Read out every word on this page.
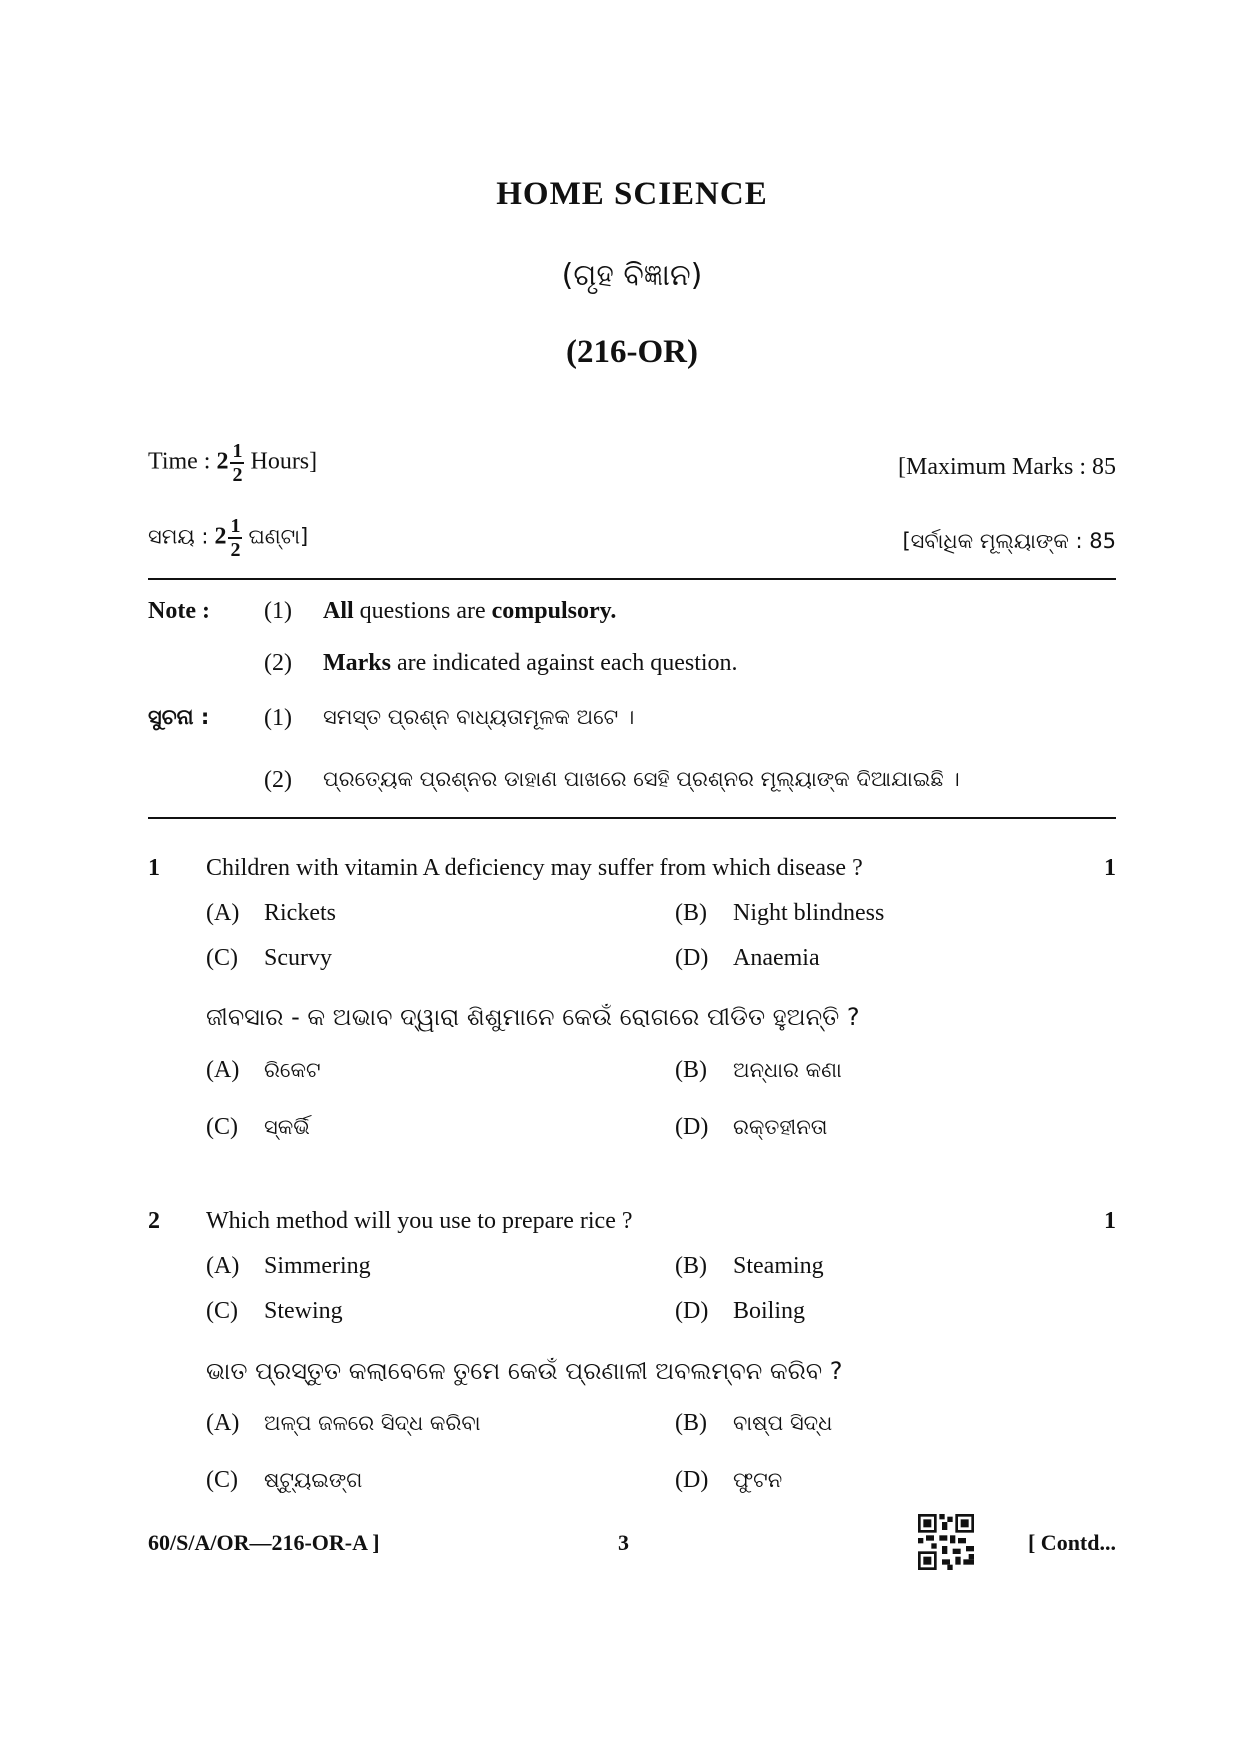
HOME SCIENCE
(ଗୃହ ବିଜ୍ଞାନ)
(216-OR)
Time : $2 \frac{1}{2}$ Hours]	[Maximum Marks : 85
ସମୟ : $2 \frac{1}{2}$ ଘଣ୍ଟା]	[ସର୍ବାଧିକ ମୂଲ୍ୟାଙ୍କ : 85
Note : (1) All questions are compulsory.
(2) Marks are indicated against each question.
ସୁଚନା : (1) ସମସ୍ତ ପ୍ରଶ୍ନ ବାଧ୍ୟତାମୂଳକ ଅଟେ ।
(2) ପ୍ରତ୍ୟେକ ପ୍ରଶ୍ନର ଡାହାଣ ପାଖରେ ସେହି ପ୍ରଶ୍ନର ମୂଲ୍ୟାଙ୍କ ଦିଆଯାଇଛି ।
1 Children with vitamin A deficiency may suffer from which disease ?	1
(A) Rickets	(B) Night blindness
(C) Scurvy	(D) Anaemia
ଜୀବସାର - କ ଅଭାବ ଦ୍ୱାରା ଶିଶୁମାନେ କେଉଁ ରୋଗରେ ପୀଡିତ ହୁଅନ୍ତି ?
(A) ରିକେଟ	(B) ଅନ୍ଧାର କଣା
(C) ସ୍କର୍ଭି	(D) ରକ୍ତହୀନତା
2 Which method will you use to prepare rice ?	1
(A) Simmering	(B) Steaming
(C) Stewing	(D) Boiling
ଭାତ ପ୍ରସ୍ତୁତ କଲାବେଳେ ତୁମେ କେଉଁ ପ୍ରଣାଳୀ ଅବଲମ୍ବନ କରିବ ?
(A) ଅଳ୍ପ ଜଳରେ ସିଦ୍ଧ କରିବା	(B) ବାଷ୍ପ ସିଦ୍ଧ
(C) ଷ୍ଟ୍ୟୁଇଙ୍ଗ	(D) ଫୁଟନ
60/S/A/OR—216-OR-A ]	3	[ Contd...
